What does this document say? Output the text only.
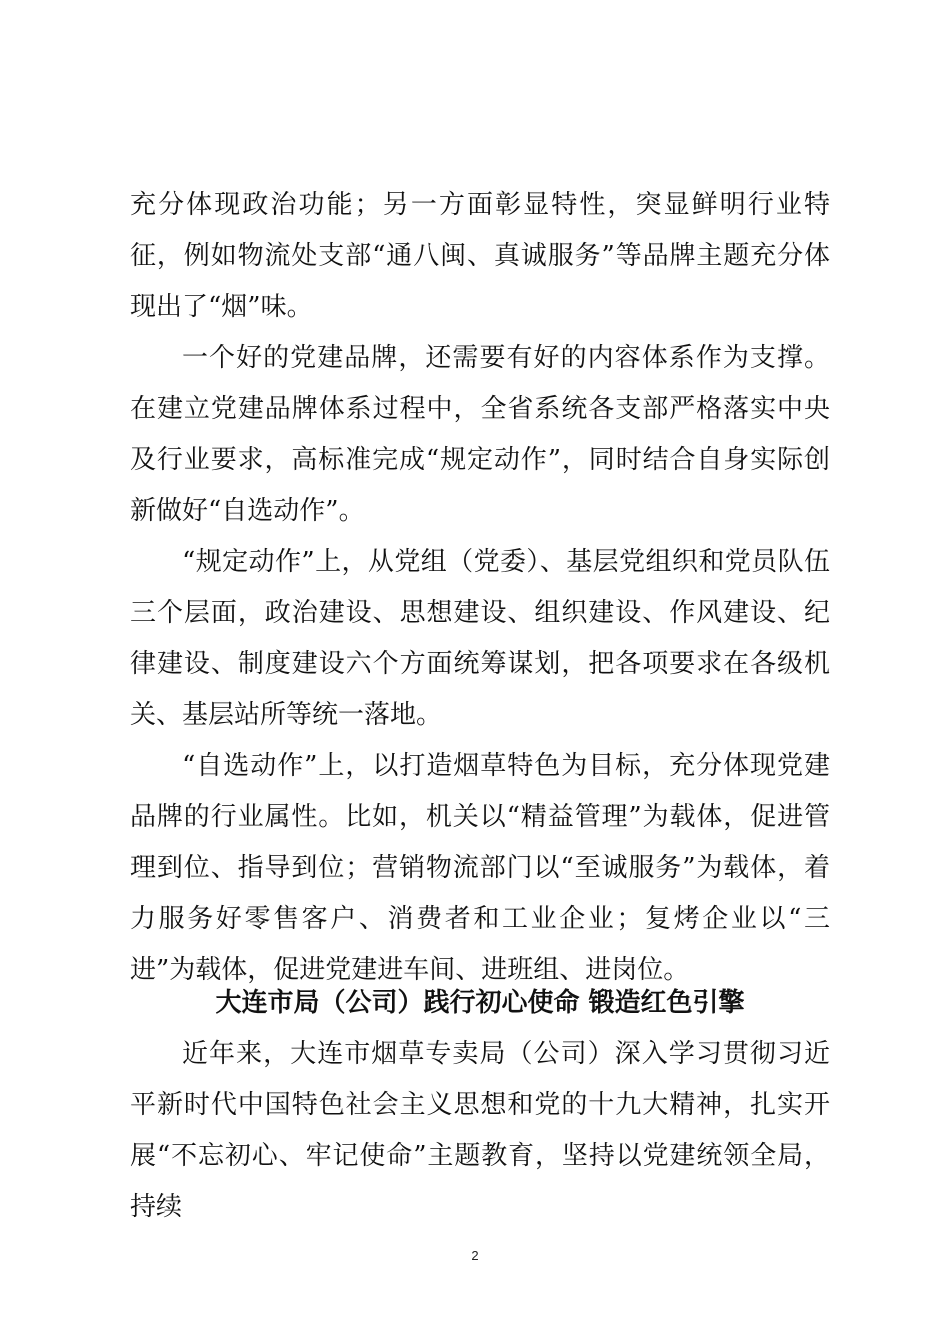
充分体现政治功能；另一方面彰显特性，突显鲜明行业特征，例如物流处支部“通八闽、真诚服务”等品牌主题充分体现出了“烟”味。

一个好的党建品牌，还需要有好的内容体系作为支撑。在建立党建品牌体系过程中，全省系统各支部严格落实中央及行业要求，高标准完成“规定动作”，同时结合自身实际创新做好“自选动作”。

“规定动作”上，从党组（党委）、基层党组织和党员队伍三个层面，政治建设、思想建设、组织建设、作风建设、纪律建设、制度建设六个方面统筹谋划，把各项要求在各级机关、基层站所等统一落地。

“自选动作”上，以打造烟草特色为目标，充分体现党建品牌的行业属性。比如，机关以“精益管理”为载体，促进管理到位、指导到位；营销物流部门以“至诚服务”为载体，着力服务好零售客户、消费者和工业企业；复烤企业以“三进”为载体，促进党建进车间、进班组、进岗位。

大连市局（公司）践行初心使命 锻造红色引擎

近年来，大连市烟草专卖局（公司）深入学习贯彻习近平新时代中国特色社会主义思想和党的十九大精神，扎实开展“不忘初心、牢记使命”主题教育，坚持以党建统领全局，持续

2
